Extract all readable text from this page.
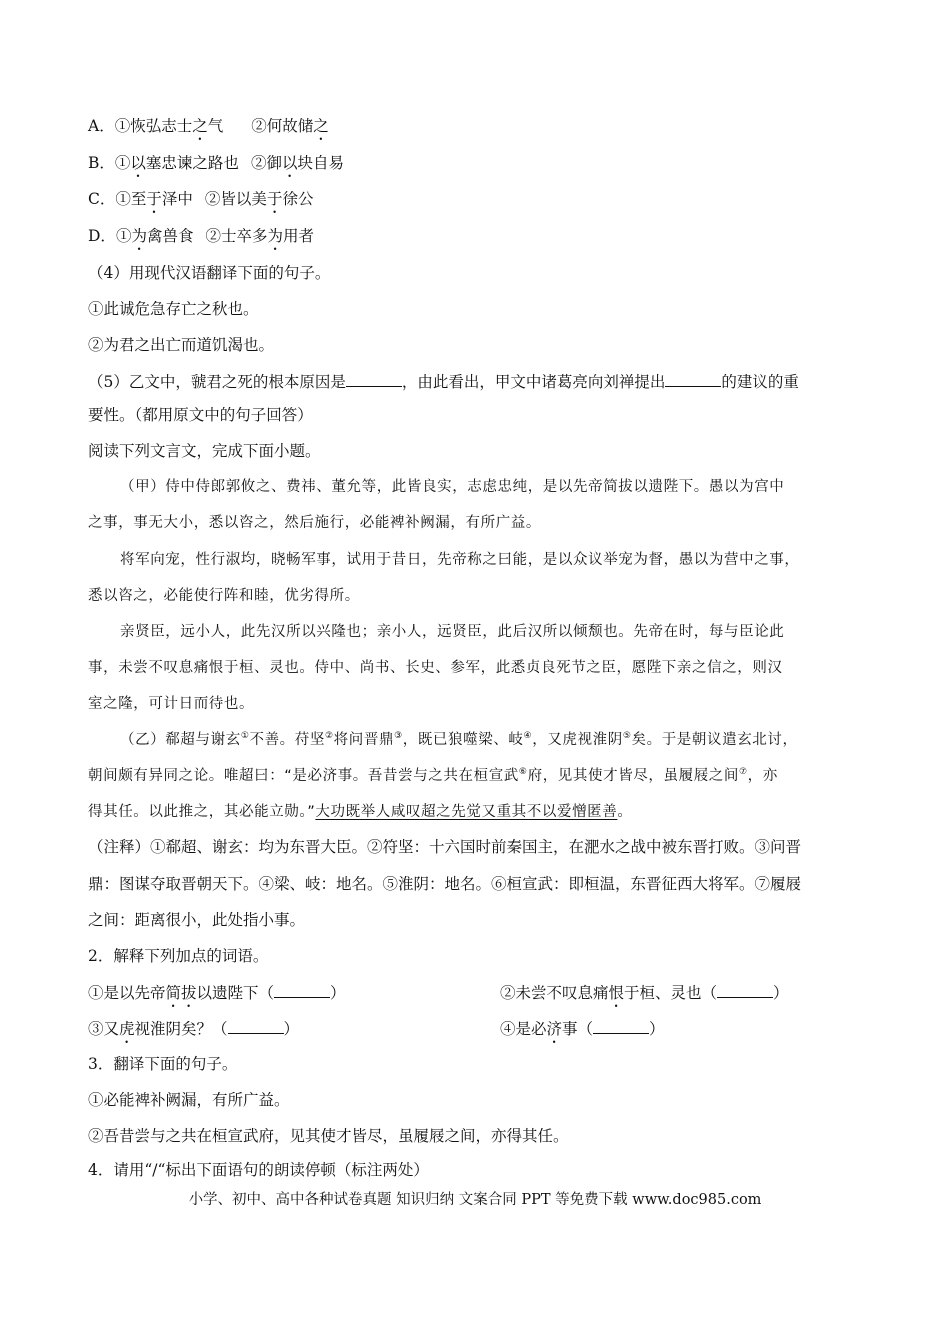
A．①恢弘志士之气 ②何故储之
B．①以塞忠谏之路也 ②御以块自易
C．①至于泽中 ②皆以美于徐公
D．①为禽兽食 ②士卒多为用者
（4）用现代汉语翻译下面的句子。
①此诚危急存亡之秋也。
②为君之出亡而道饥渴也。
（5）乙文中，虢君之死的根本原因是	，由此看出，甲文中诸葛亮向刘禅提出	的建议的重
要性。（都用原文中的句子回答）
阅读下列文言文，完成下面小题。
（甲）侍中侍郎郭攸之、费祎、董允等，此皆良实，志虑忠纯，是以先帝简拔以遗陛下。愚以为宫中
之事，事无大小，悉以咨之，然后施行，必能裨补阙漏，有所广益。
将军向宠，性行淑均，晓畅军事，试用于昔日，先帝称之曰能，是以众议举宠为督，愚以为营中之事，
悉以咨之，必能使行阵和睦，优劣得所。
亲贤臣，远小人，此先汉所以兴隆也；亲小人，远贤臣，此后汉所以倾颓也。先帝在时，每与臣论此
事，未尝不叹息痛恨于桓、灵也。侍中、尚书、长史、参军，此悉贞良死节之臣，愿陛下亲之信之，则汉
室之隆，可计日而待也。
（乙）郗超与谢玄①不善。苻坚②将问晋鼎③，既已狼噬梁、岐④，又虎视淮阴⑤矣。于是朝议遣玄北讨，
朝间颇有异同之论。唯超曰：“是必济事。吾昔尝与之共在桓宣武⑥府，见其使才皆尽，虽履屐之间⑦，亦
得其任。以此推之，其必能立勋。”大功既举人咸叹超之先觉又重其不以爱憎匿善。
（注释）①郗超、谢玄：均为东晋大臣。②符坚：十六国时前秦国主，在淝水之战中被东晋打败。③问晋
鼎：图谋夺取晋朝天下。④梁、岐：地名。⑤淮阴：地名。⑥桓宣武：即桓温，东晋征西大将军。⑦履屐
之间：距离很小，此处指小事。
2．解释下列加点的词语。
①是以先帝简拔以遗陛下（	）	②未尝不叹息痛恨于桓、灵也（	）
③又虎视淮阴矣？（	）	④是必济事（	）
3．翻译下面的句子。
①必能裨补阙漏，有所广益。
②吾昔尝与之共在桓宣武府，见其使才皆尽，虽履屐之间，亦得其任。
4．请用“/“标出下面语句的朗读停顿（标注两处）
小学、初中、高中各种试卷真题 知识归纳 文案合同 PPT 等免费下载 www.doc985.com
